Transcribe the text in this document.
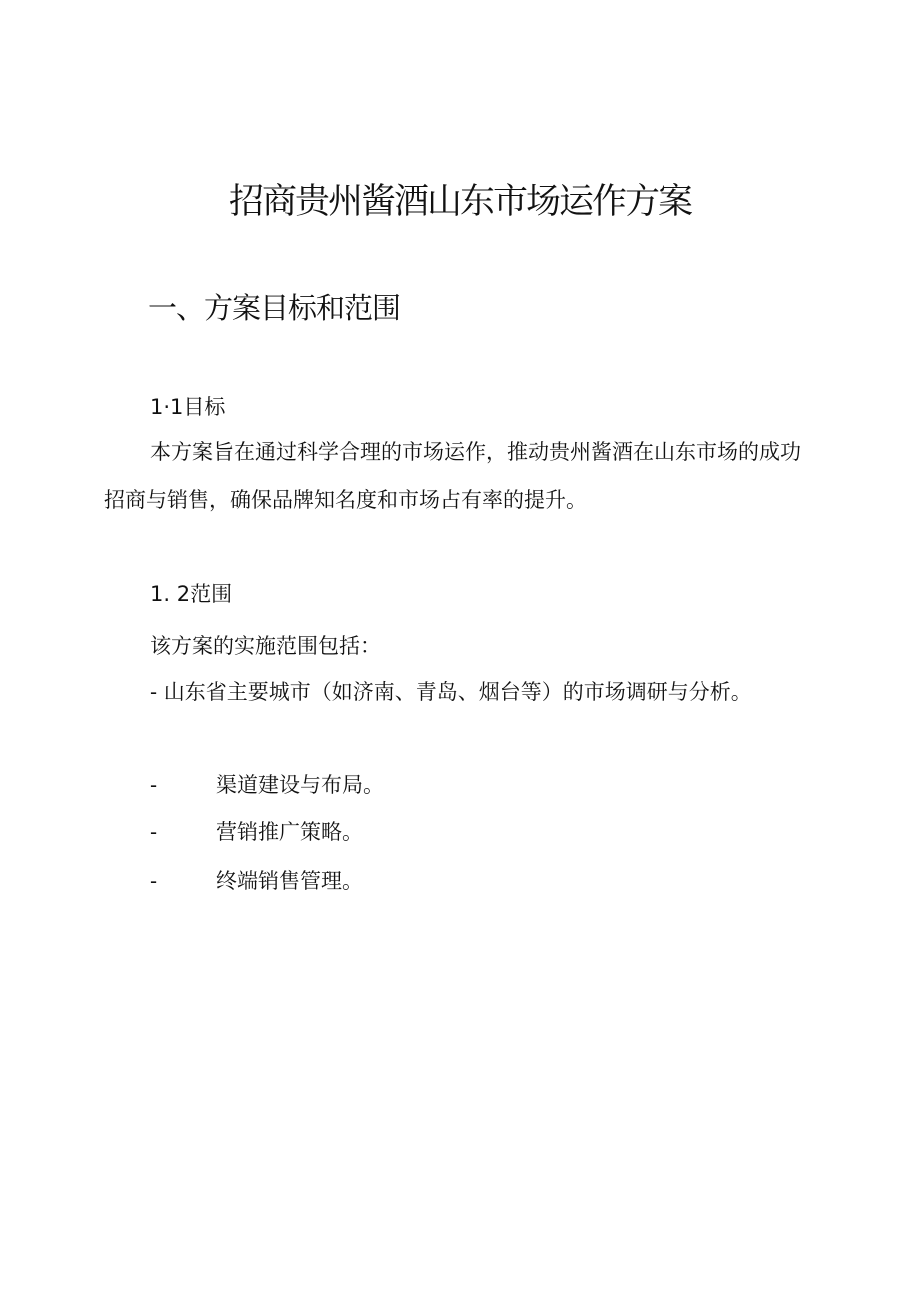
招商贵州酱酒山东市场运作方案
一、方案目标和范围
1·1目标
本方案旨在通过科学合理的市场运作，推动贵州酱酒在山东市场的成功招商与销售，确保品牌知名度和市场占有率的提升。
1. 2范围
该方案的实施范围包括：
- 山东省主要城市（如济南、青岛、烟台等）的市场调研与分析。
-	渠道建设与布局。
-	营销推广策略。
-	终端销售管理。
